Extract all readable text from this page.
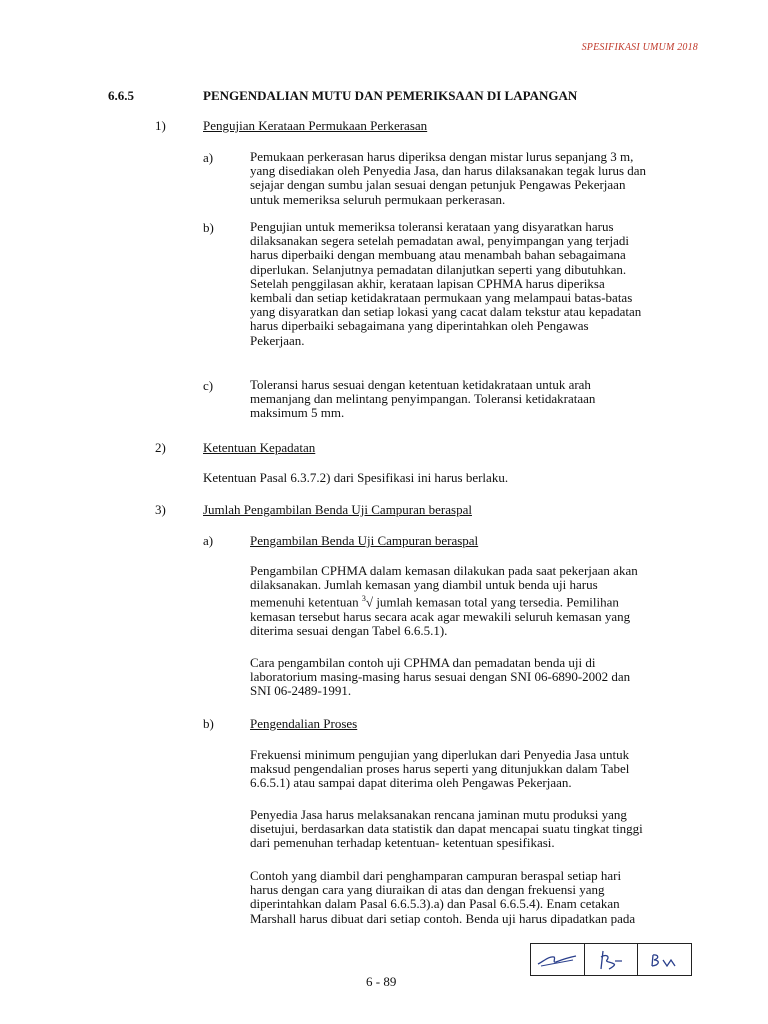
SPESIFIKASI UMUM 2018
6.6.5	PENGENDALIAN MUTU DAN PEMERIKSAAN DI LAPANGAN
1)	Pengujian Kerataan Permukaan Perkerasan
a)	Pemukaan perkerasan harus diperiksa dengan mistar lurus sepanjang 3 m,

yang disediakan oleh Penyedia Jasa, dan harus dilaksanakan tegak lurus dan

sejajar dengan sumbu jalan sesuai dengan petunjuk Pengawas Pekerjaan

untuk memeriksa seluruh permukaan perkerasan.

b)	Pengujian untuk memeriksa toleransi kerataan yang disyaratkan harus

dilaksanakan segera setelah pemadatan awal, penyimpangan yang terjadi

harus diperbaiki dengan membuang atau menambah bahan sebagaimana

diperlukan. Selanjutnya pemadatan dilanjutkan seperti yang dibutuhkan.

Setelah penggilasan akhir, kerataan lapisan CPHMA harus diperiksa

kembali dan setiap ketidakrataan permukaan yang melampaui batas-batas

yang disyaratkan dan setiap lokasi yang cacat dalam tekstur atau kepadatan

harus diperbaiki sebagaimana yang diperintahkan oleh Pengawas

Pekerjaan.

c)	Toleransi harus sesuai dengan ketentuan ketidakrataan untuk arah

memanjang dan melintang penyimpangan. Toleransi ketidakrataan

maksimum 5 mm.

2)	Ketentuan Kepadatan
Ketentuan Pasal 6.3.7.2) dari Spesifikasi ini harus berlaku.
3)	Jumlah Pengambilan Benda Uji Campuran beraspal
a)	Pengambilan Benda Uji Campuran beraspal

Pengambilan CPHMA dalam kemasan dilakukan pada saat pekerjaan akan

dilaksanakan. Jumlah kemasan yang diambil untuk benda uji harus

memenuhi ketentuan $^3$√ jumlah kemasan total yang tersedia. Pemilihan

kemasan tersebut harus secara acak agar mewakili seluruh kemasan yang

diterima sesuai dengan Tabel 6.6.5.1).

Cara pengambilan contoh uji CPHMA dan pemadatan benda uji di

laboratorium masing-masing harus sesuai dengan SNI 06-6890-2002 dan

SNI 06-2489-1991.

b)	Pengendalian Proses

Frekuensi minimum pengujian yang diperlukan dari Penyedia Jasa untuk

maksud pengendalian proses harus seperti yang ditunjukkan dalam Tabel

6.6.5.1) atau sampai dapat diterima oleh Pengawas Pekerjaan.

Penyedia Jasa harus melaksanakan rencana jaminan mutu produksi yang

disetujui, berdasarkan data statistik dan dapat mencapai suatu tingkat tinggi

dari pemenuhan terhadap ketentuan- ketentuan spesifikasi.

Contoh yang diambil dari penghamparan campuran beraspal setiap hari

harus dengan cara yang diuraikan di atas dan dengan frekuensi yang

diperintahkan dalam Pasal 6.6.5.3).a) dan Pasal 6.6.5.4). Enam cetakan

Marshall harus dibuat dari setiap contoh. Benda uji harus dipadatkan pada

6 - 89
